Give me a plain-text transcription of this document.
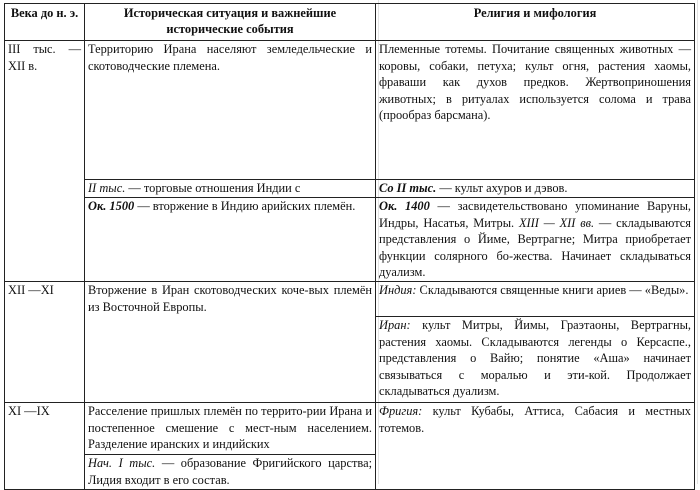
Века до н. э.	Историческая ситуация и важнейшие исторические события	Религия и мифология
III тыс. — XII в.	Территорию Ирана населяют земледельческие и скотоводческие племена.	Племенные тотемы. Почитание священных животных — коровы, собаки, петуха; культ огня, растения хаомы, фраваши как духов предков. Жертвоприношения животных; в ритуалах используется солома и трава (прообраз барсмана).
	II тыс. — торговые отношения Индии с	Со II тыс. — культ ахуров и дэвов.
	Ок. 1500 — вторжение в Индию арийских племён.	Ок. 1400 — засвидетельствовано упоминание Варуны, Индры, Насатья, Митры. XIII — XII вв. — складываются представления о Йиме, Вертрагне; Митра приобретает функции солярного бо-жества. Начинает складываться дуализм.
XII —XI	Вторжение в Иран скотоводческих коче-вых племён из Восточной Европы.	Индия: Складываются священные книги ариев — «Веды».
		Иран: культ Митры, Йимы, Граэтаоны, Вертрагны, растения хаомы. Складываются легенды о Керсаспе., представления о Вайю; понятие «Аша» начинает связываться с моралью и эти-кой. Продолжает складываться дуализм.
XI —IX	Расселение пришлых племён по террито-рии Ирана и постепенное смешение с мест-ным населением. Разделение иранских и индийских	Фригия: культ Кубабы, Аттиса, Сабасия и местных тотемов.
	Нач. I тыс. — образование Фригийского царства; Лидия входит в его состав.	
